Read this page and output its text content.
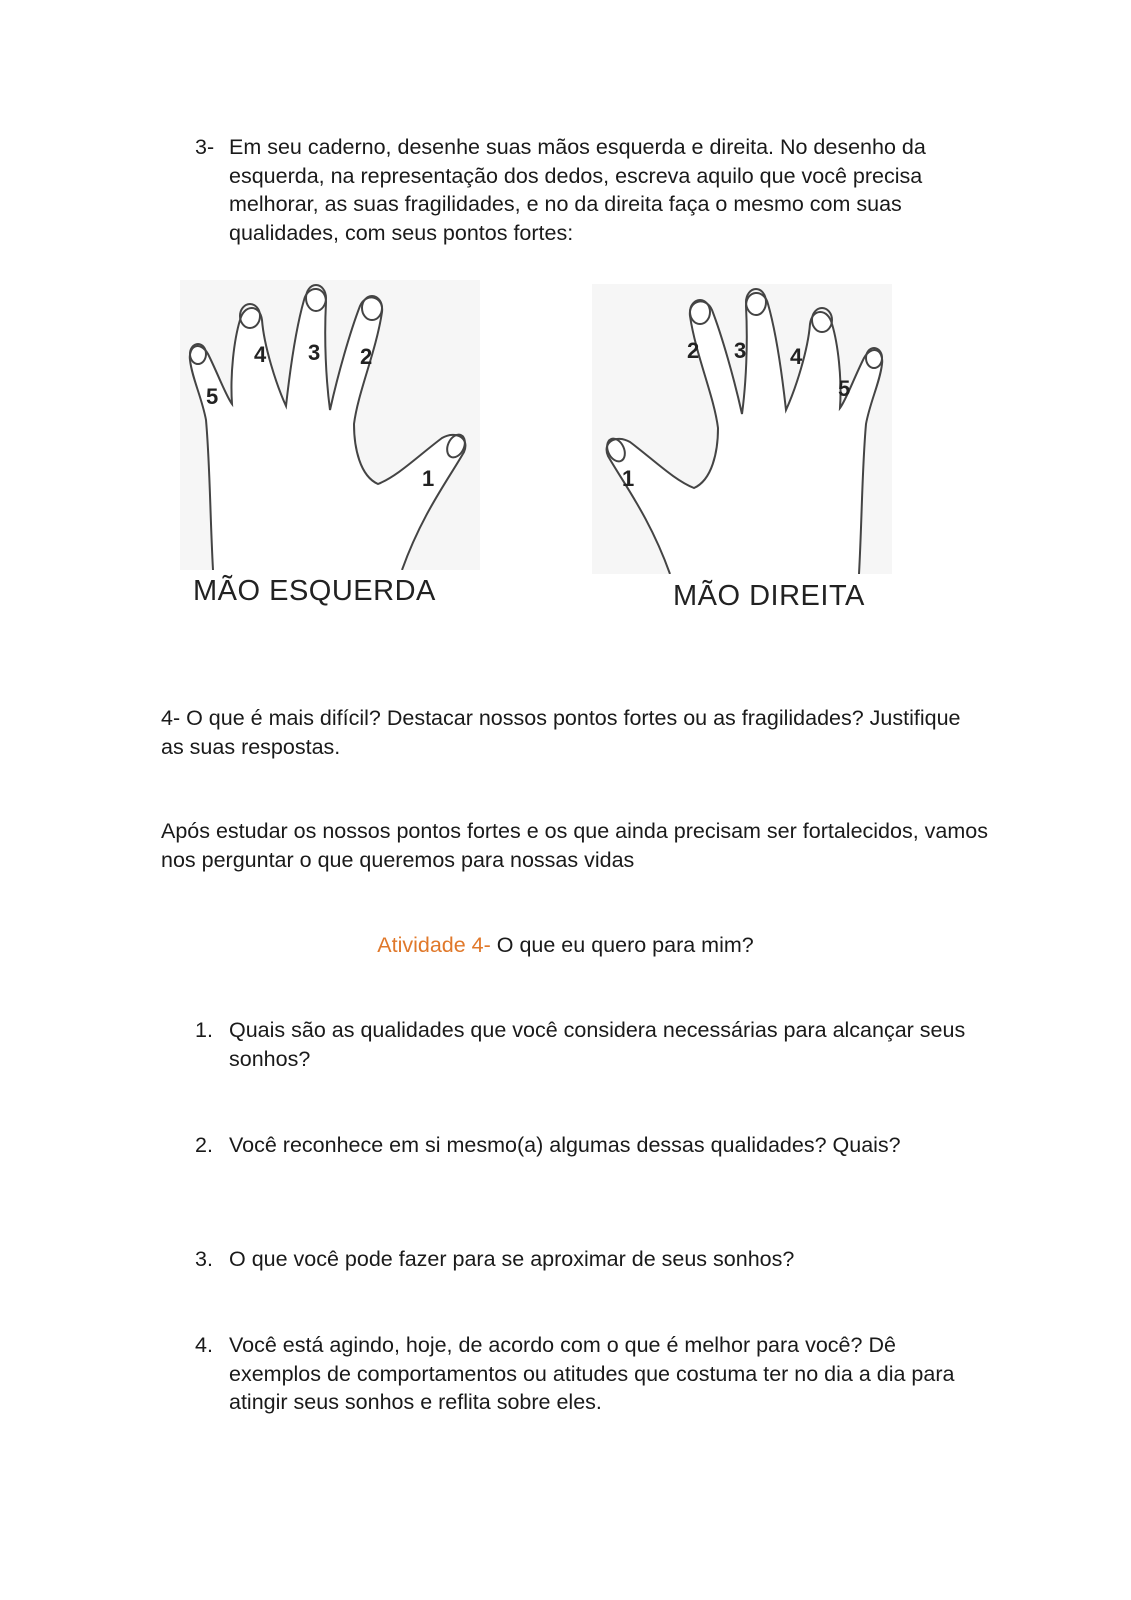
3- Em seu caderno, desenhe suas mãos esquerda e direita. No desenho da esquerda, na representação dos dedos, escreva aquilo que você precisa melhorar, as suas fragilidades, e no da direita faça o mesmo com suas qualidades, com seus pontos fortes:
5
4 3 2
1
MÃO ESQUERDA
2 3 4
5
1
MÃO DIREITA
4- O que é mais difícil? Destacar nossos pontos fortes ou as fragilidades? Justifique as suas respostas.
Após estudar os nossos pontos fortes e os que ainda precisam ser fortalecidos, vamos nos perguntar o que queremos para nossas vidas
Atividade 4- O que eu quero para mim?
1. Quais são as qualidades que você considera necessárias para alcançar seus sonhos?
2. Você reconhece em si mesmo(a) algumas dessas qualidades? Quais?
3. O que você pode fazer para se aproximar de seus sonhos?
4. Você está agindo, hoje, de acordo com o que é melhor para você? Dê exemplos de comportamentos ou atitudes que costuma ter no dia a dia para atingir seus sonhos e reflita sobre eles.
